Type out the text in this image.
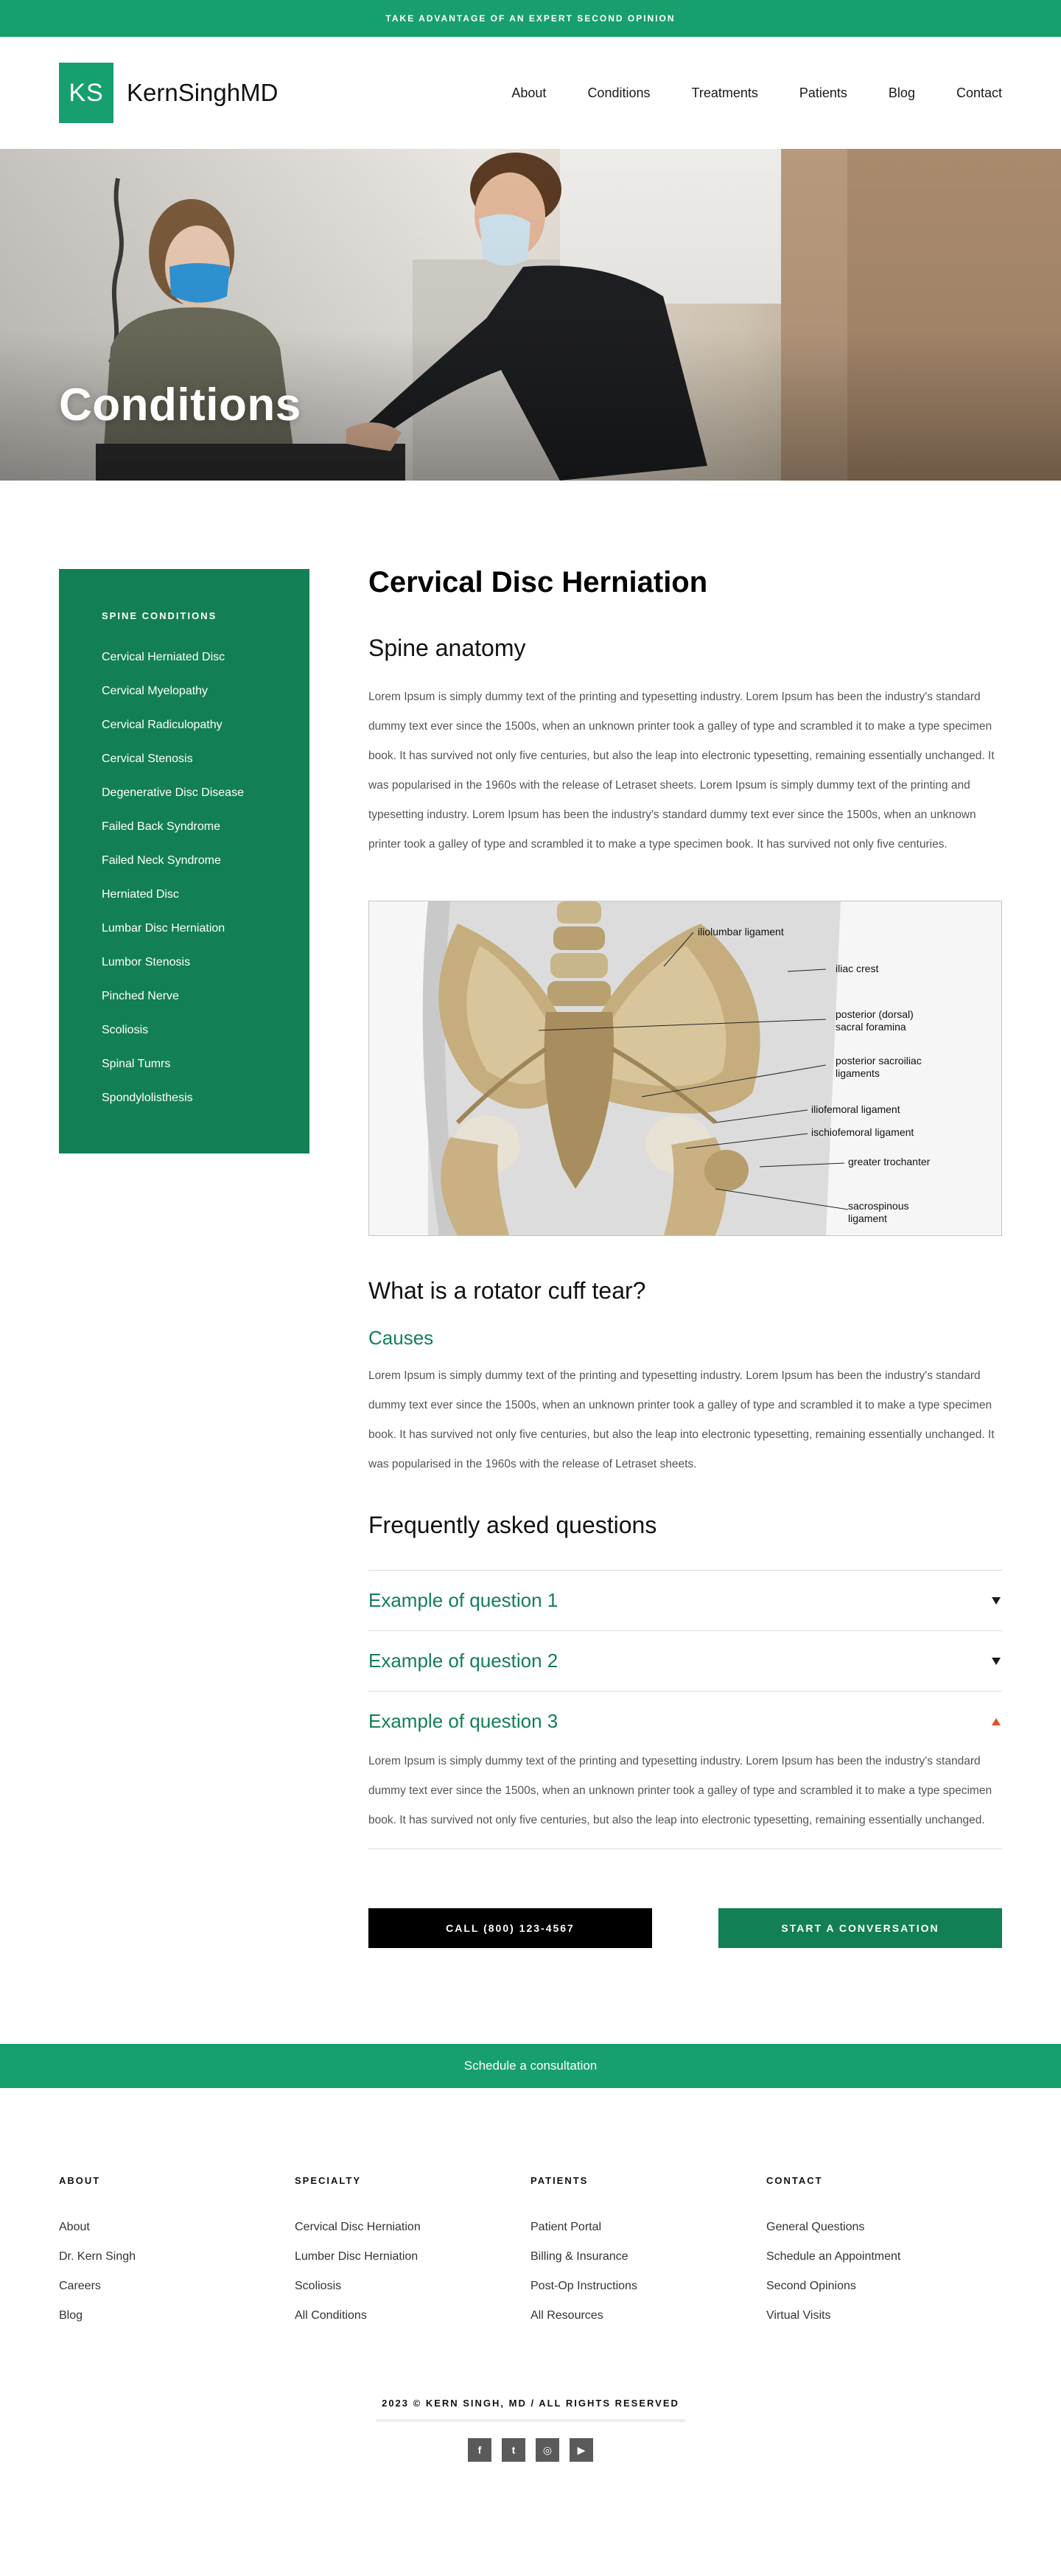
TAKE ADVANTAGE OF AN EXPERT SECOND OPINION
KS KernSinghMD	About	Conditions	Treatments	Patients	Blog	Contact
Conditions
SPINE CONDITIONS
Cervical Herniated Disc
Cervical Myelopathy
Cervical Radiculopathy
Cervical Stenosis
Degenerative Disc Disease
Failed Back Syndrome
Failed Neck Syndrome
Herniated Disc
Lumbar Disc Herniation
Lumbor Stenosis
Pinched Nerve
Scoliosis
Spinal Tumrs
Spondylolisthesis
Cervical Disc Herniation
Spine anatomy

Lorem Ipsum is simply dummy text of the printing and typesetting industry. Lorem Ipsum has been the industry's standard dummy text ever since the 1500s, when an unknown printer took a galley of type and scrambled it to make a type specimen book. It has survived not only five centuries, but also the leap into electronic typesetting, remaining essentially unchanged. It was popularised in the 1960s with the release of Letraset sheets. Lorem Ipsum is simply dummy text of the printing and typesetting industry. Lorem Ipsum has been the industry's standard dummy text ever since the 1500s, when an unknown printer took a galley of type and scrambled it to make a type specimen book. It has survived not only five centuries.

iliolumbar ligament
iliac crest
posterior (dorsal)
sacral foramina
posterior sacroiliac
ligaments
iliofemoral ligament
ischiofemoral ligament
greater trochanter
sacrospinous
ligament
What is a rotator cuff tear?
Causes

Lorem Ipsum is simply dummy text of the printing and typesetting industry. Lorem Ipsum has been the industry's standard dummy text ever since the 1500s, when an unknown printer took a galley of type and scrambled it to make a type specimen book. It has survived not only five centuries, but also the leap into electronic typesetting, remaining essentially unchanged. It was popularised in the 1960s with the release of Letraset sheets.

Frequently asked questions
Example of question 1
Example of question 2
Example of question 3

Lorem Ipsum is simply dummy text of the printing and typesetting industry. Lorem Ipsum has been the industry's standard dummy text ever since the 1500s, when an unknown printer took a galley of type and scrambled it to make a type specimen book. It has survived not only five centuries, but also the leap into electronic typesetting, remaining essentially unchanged.

CALL (800) 123-4567	START A CONVERSATION
Schedule a consultation
ABOUT
About
Dr. Kern Singh
Careers
Blog
SPECIALTY
Cervical Disc Herniation
Lumber Disc Herniation
Scoliosis
All Conditions
PATIENTS
Patient Portal
Billing & Insurance
Post-Op Instructions
All Resources
CONTACT
General Questions
Schedule an Appointment
Second Opinions
Virtual Visits
2023 © KERN SINGH, MD / ALL RIGHTS RESERVED
f	t	◎	▶
